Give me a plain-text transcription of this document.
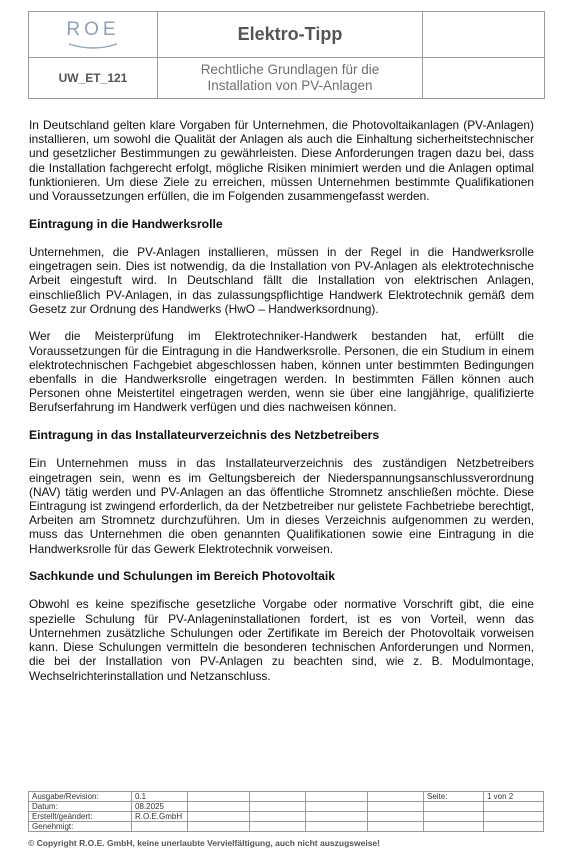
ROE	Elektro-Tipp	
UW_ET_121	Rechtliche Grundlagen für die
Installation von PV-Anlagen	

In Deutschland gelten klare Vorgaben für Unternehmen, die Photovoltaikanlagen (PV-Anlagen) installieren, um sowohl die Qualität der Anlagen als auch die Einhaltung sicherheitstechnischer und gesetzlicher Bestimmungen zu gewährleisten. Diese Anforderungen tragen dazu bei, dass die Installation fachgerecht erfolgt, mögliche Risiken minimiert werden und die Anlagen optimal funktionieren. Um diese Ziele zu erreichen, müssen Unternehmen bestimmte Qualifikationen und Voraussetzungen erfüllen, die im Folgenden zusammengefasst werden.

Eintragung in die Handwerksrolle

Unternehmen, die PV-Anlagen installieren, müssen in der Regel in die Handwerksrolle eingetragen sein. Dies ist notwendig, da die Installation von PV-Anlagen als elektrotechnische Arbeit eingestuft wird. In Deutschland fällt die Installation von elektrischen Anlagen, einschließlich PV-Anlagen, in das zulassungspflichtige Handwerk Elektrotechnik gemäß dem Gesetz zur Ordnung des Handwerks (HwO – Handwerksordnung).

Wer die Meisterprüfung im Elektrotechniker-Handwerk bestanden hat, erfüllt die Voraussetzungen für die Eintragung in die Handwerksrolle. Personen, die ein Studium in einem elektrotechnischen Fachgebiet abgeschlossen haben, können unter bestimmten Bedingungen ebenfalls in die Handwerksrolle eingetragen werden. In bestimmten Fällen können auch Personen ohne Meistertitel eingetragen werden, wenn sie über eine langjährige, qualifizierte Berufserfahrung im Handwerk verfügen und dies nachweisen können.

Eintragung in das Installateurverzeichnis des Netzbetreibers

Ein Unternehmen muss in das Installateurverzeichnis des zuständigen Netzbetreibers eingetragen sein, wenn es im Geltungsbereich der Niederspannungsanschlussverordnung (NAV) tätig werden und PV-Anlagen an das öffentliche Stromnetz anschließen möchte. Diese Eintragung ist zwingend erforderlich, da der Netzbetreiber nur gelistete Fachbetriebe berechtigt, Arbeiten am Stromnetz durchzuführen. Um in dieses Verzeichnis aufgenommen zu werden, muss das Unternehmen die oben genannten Qualifikationen sowie eine Eintragung in die Handwerksrolle für das Gewerk Elektrotechnik vorweisen.

Sachkunde und Schulungen im Bereich Photovoltaik

Obwohl es keine spezifische gesetzliche Vorgabe oder normative Vorschrift gibt, die eine spezielle Schulung für PV-Anlageninstallationen fordert, ist es von Vorteil, wenn das Unternehmen zusätzliche Schulungen oder Zertifikate im Bereich der Photovoltaik vorweisen kann. Diese Schulungen vermitteln die besonderen technischen Anforderungen und Normen, die bei der Installation von PV-Anlagen zu beachten sind, wie z. B. Modulmontage, Wechselrichterinstallation und Netzanschluss.

Ausgabe/Revision:	0.1					Seite:	1 von 2
Datum:	08.2025						
Erstellt/geändert:	R.O.E.GmbH						
Genehmigt:							
© Copyright R.O.E. GmbH, keine unerlaubte Vervielfältigung, auch nicht auszugsweise!
